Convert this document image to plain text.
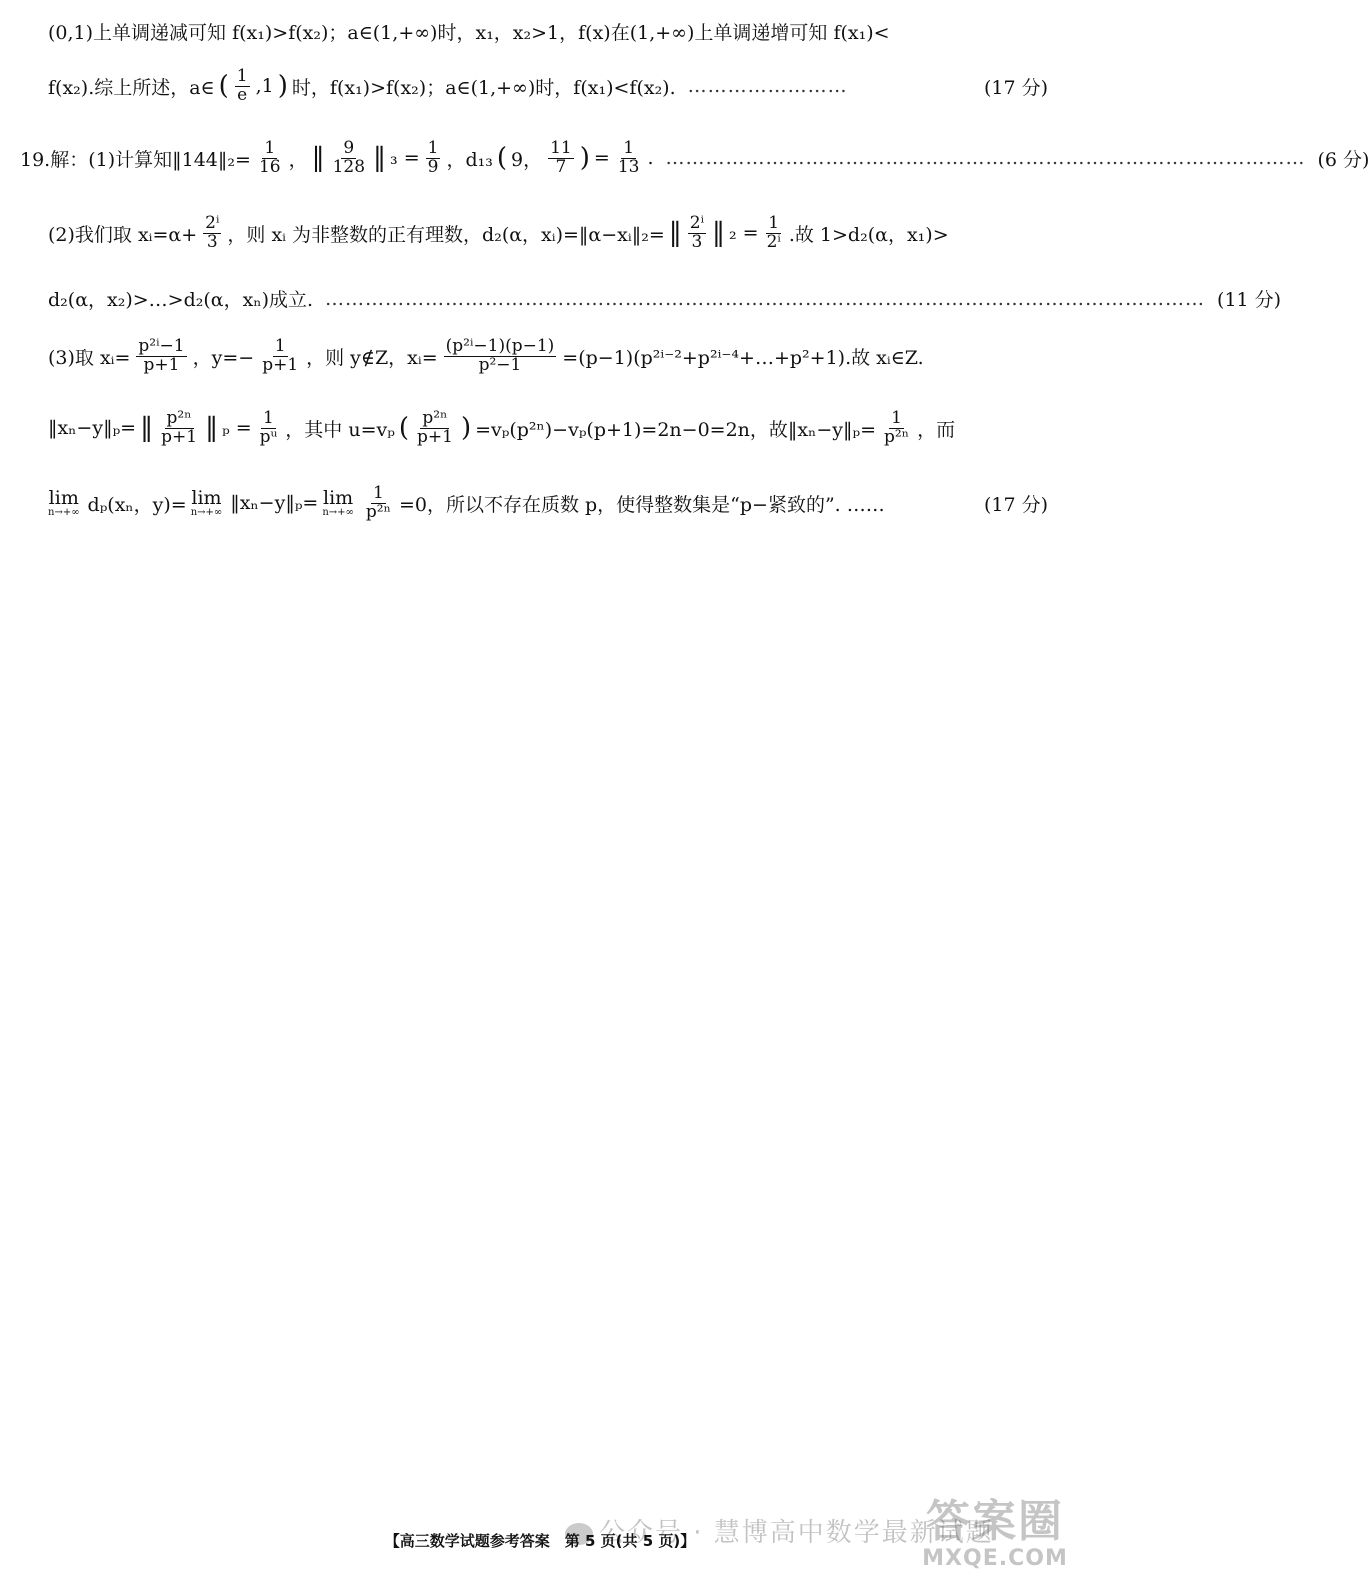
(0,1)上单调递减可知 f(x₁)>f(x₂)；a∈(1,+∞)时，x₁，x₂>1，f(x)在(1,+∞)上单调递增可知 f(x₁)<
f(x₂).综上所述，a∈ ( $\frac{1}{e} ,1$ ) 时，f(x₁)>f(x₂)；a∈(1,+∞)时，f(x₁)<f(x₂). ……………………	(17 分)
19.解：(1)计算知‖144‖₂= $\frac{1}{16}$ ， ‖ $\frac{9}{128}$ ‖ $_3 = \frac{1}{9}$ ，d₁₃ ( 9， $\frac{11}{7}$ ) = $\frac{1}{13}$ . …………………………………………………………………………………… (6 分)
(2)我们取 xᵢ=α+ $\frac{\text{2ⁱ}}{3}$ ，则 xᵢ 为非整数的正有理数，d₂(α，xᵢ)=‖α−xᵢ‖₂= ‖ $\frac{\text{2ⁱ}}{3}$ ‖ $_2 = \frac{1}{\text{2ⁱ}}$ .故 1>d₂(α，x₁)>
d₂(α，x₂)>…>d₂(α，xₙ)成立. …………………………………………………………………………………………………………………… (11 分)
(3)取 xᵢ= $\frac{\text{p²ⁱ−1}}{p+1}$ ，$y=- \frac{1}{p+1}$ ，则 y∉Z，xᵢ= $\frac{\text{(p²ⁱ−1)(p−1)}}{\text{p²−1}}$ =(p−1)(p²ⁱ⁻²+p²ⁱ⁻⁴+…+p²+1).故 xᵢ∈Z.
‖xₙ−y‖ₚ= ‖ $\frac{\text{p²ⁿ}}{p+1}$ ‖ $_p = \frac{1}{\text{pᵘ}}$ ，其中 u=vₚ ( $\frac{\text{p²ⁿ}}{p+1}$ ) =vₚ(p²ⁿ)−vₚ(p+1)=2n−0=2n，故‖xₙ−y‖ₚ= $\frac{1}{\text{p²ⁿ}}$ ，而
lim
n→+∞ dₚ(xₙ，y)= lim
n→+∞ ‖xₙ−y‖ₚ= lim
$n\to+\infty \frac{1}{\text{p²ⁿ}} =0$，所以不存在质数 p，使得整数集是“p−紧致的”. ……	(17 分)
公众号 · 慧博高中数学最新试题
【高三数学试题参考答案　第 5 页(共 5 页)】	答案圈
MXQE.COM
